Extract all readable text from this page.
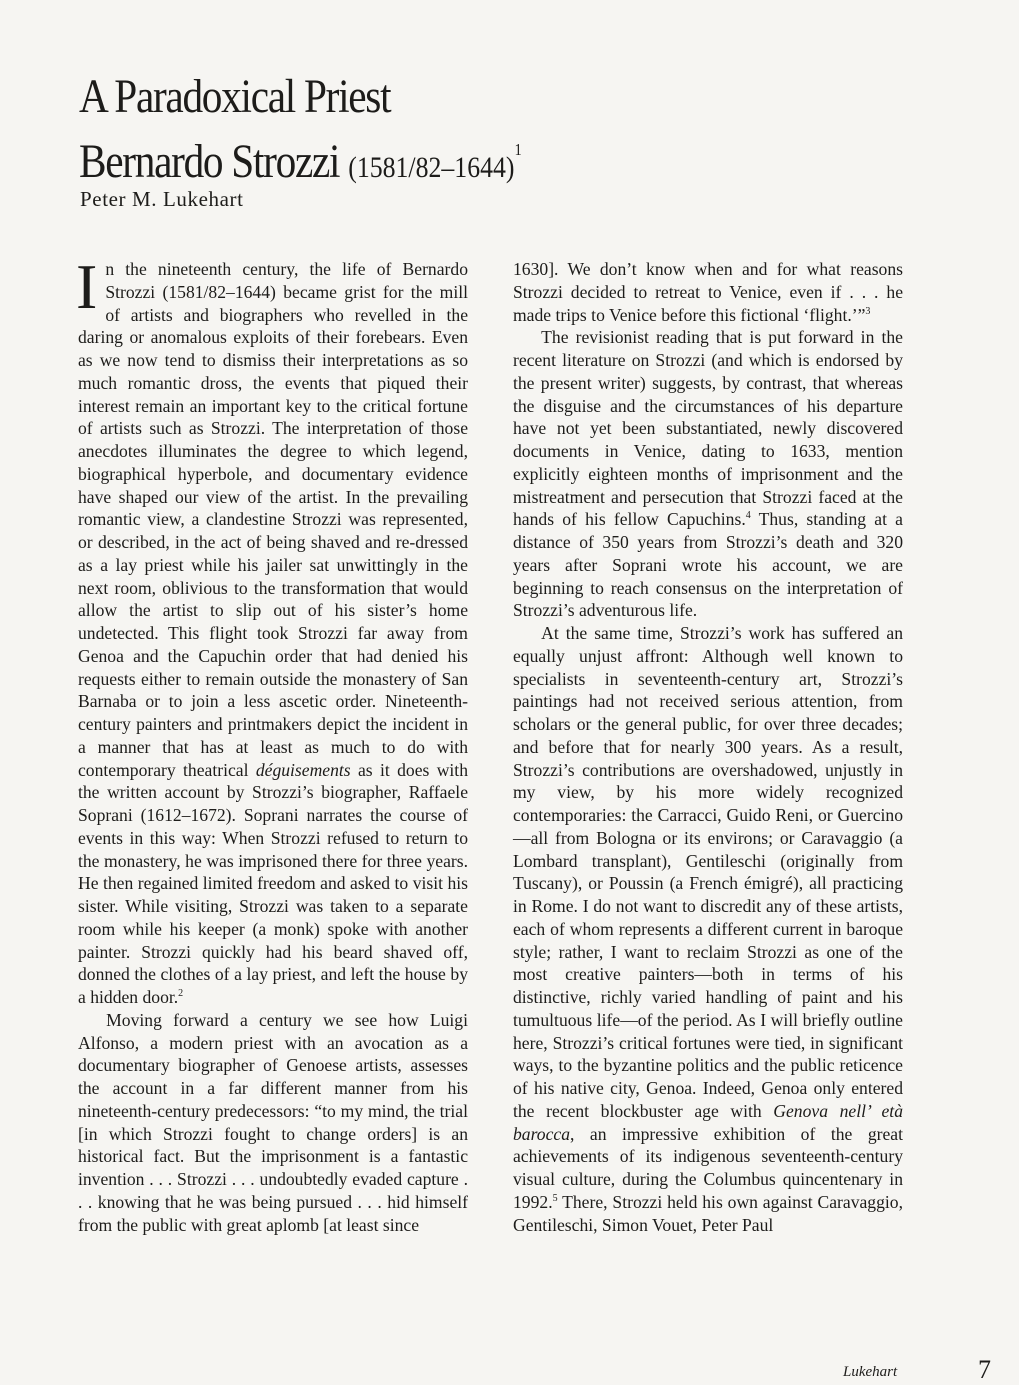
A Paradoxical Priest
Bernardo Strozzi $(1581/82-1644)^1$
Peter M. Lukehart

In the nineteenth century, the life of Bernardo Strozzi (1581/82–1644) became grist for the mill of artists and biographers who revelled in the daring or anomalous exploits of their forebears. Even as we now tend to dismiss their interpretations as so much romantic dross, the events that piqued their interest remain an important key to the critical fortune of artists such as Strozzi. The interpretation of those anecdotes illuminates the degree to which legend, biographical hyperbole, and documentary evidence have shaped our view of the artist. In the prevailing romantic view, a clandestine Strozzi was represented, or described, in the act of being shaved and re-dressed as a lay priest while his jailer sat unwittingly in the next room, oblivious to the transformation that would allow the artist to slip out of his sister’s home undetected. This flight took Strozzi far away from Genoa and the Capuchin order that had denied his requests either to remain outside the monastery of San Barnaba or to join a less ascetic order. Nineteenth-century painters and printmakers depict the incident in a manner that has at least as much to do with contemporary theatrical déguisements as it does with the written account by Strozzi’s biographer, Raffaele Soprani (1612–1672). Soprani narrates the course of events in this way: When Strozzi refused to return to the monastery, he was imprisoned there for three years. He then regained limited freedom and asked to visit his sister. While visiting, Strozzi was taken to a separate room while his keeper (a monk) spoke with another painter. Strozzi quickly had his beard shaved off, donned the clothes of a lay priest, and left the house by a hidden door.$^2$

Moving forward a century we see how Luigi Alfonso, a modern priest with an avocation as a documentary biographer of Genoese artists, assesses the account in a far different manner from his nineteenth-century predecessors: “to my mind, the trial [in which Strozzi fought to change orders] is an historical fact. But the imprisonment is a fantastic invention . . . Strozzi . . . undoubtedly evaded capture . . . knowing that he was being pursued . . . hid himself from the public with great aplomb [at least since

1630]. We don’t know when and for what reasons Strozzi decided to retreat to Venice, even if . . . he made trips to Venice before this fictional ‘flight.’”$^3$

The revisionist reading that is put forward in the recent literature on Strozzi (and which is endorsed by the present writer) suggests, by contrast, that whereas the disguise and the circumstances of his departure have not yet been substantiated, newly discovered documents in Venice, dating to 1633, mention explicitly eighteen months of imprisonment and the mistreatment and persecution that Strozzi faced at the hands of his fellow Capuchins.$^4$ Thus, standing at a distance of 350 years from Strozzi’s death and 320 years after Soprani wrote his account, we are beginning to reach consensus on the interpretation of Strozzi’s adventurous life.

At the same time, Strozzi’s work has suffered an equally unjust affront: Although well known to specialists in seventeenth-century art, Strozzi’s paintings had not received serious attention, from scholars or the general public, for over three decades; and before that for nearly 300 years. As a result, Strozzi’s contributions are overshadowed, unjustly in my view, by his more widely recognized contemporaries: the Carracci, Guido Reni, or Guercino—all from Bologna or its environs; or Caravaggio (a Lombard transplant), Gentileschi (originally from Tuscany), or Poussin (a French émigré), all practicing in Rome. I do not want to discredit any of these artists, each of whom represents a different current in baroque style; rather, I want to reclaim Strozzi as one of the most creative painters—both in terms of his distinctive, richly varied handling of paint and his tumultuous life—of the period. As I will briefly outline here, Strozzi’s critical fortunes were tied, in significant ways, to the byzantine politics and the public reticence of his native city, Genoa. Indeed, Genoa only entered the recent blockbuster age with Genova nell’ età barocca, an impressive exhibition of the great achievements of its indigenous seventeenth-century visual culture, during the Columbus quincentenary in 1992.$^5$ There, Strozzi held his own against Caravaggio, Gentileschi, Simon Vouet, Peter Paul

Lukehart	7
